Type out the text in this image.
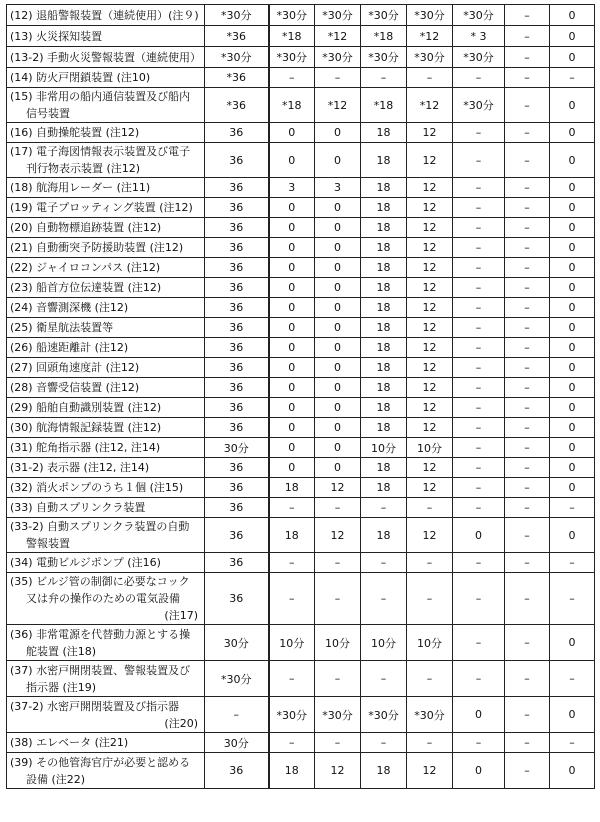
(12) 退船警報装置（連続使用）(注９)	*30分	*30分	*30分	*30分	*30分	*30分	–	0
(13) 火災探知装置	*36	*18	*12	*18	*12	* 3	–	0
(13-2) 手動火災警報装置（連続使用）	*30分	*30分	*30分	*30分	*30分	*30分	–	0
(14) 防火戸閉鎖装置 (注10)	*36	–	–	–	–	–	–	–
(15) 非常用の船内通信装置及び船内
信号装置	*36	*18	*12	*18	*12	*30分	–	0
(16) 自動操舵装置 (注12)	36	0	0	18	12	–	–	0
(17) 電子海図情報表示装置及び電子
刊行物表示装置 (注12)	36	0	0	18	12	–	–	0
(18) 航海用レーダー (注11)	36	3	3	18	12	–	–	0
(19) 電子プロッティング装置 (注12)	36	0	0	18	12	–	–	0
(20) 自動物標追跡装置 (注12)	36	0	0	18	12	–	–	0
(21) 自動衝突予防援助装置 (注12)	36	0	0	18	12	–	–	0
(22) ジャイロコンパス (注12)	36	0	0	18	12	–	–	0
(23) 船首方位伝達装置 (注12)	36	0	0	18	12	–	–	0
(24) 音響測深機 (注12)	36	0	0	18	12	–	–	0
(25) 衛星航法装置等	36	0	0	18	12	–	–	0
(26) 船速距離計 (注12)	36	0	0	18	12	–	–	0
(27) 回頭角速度計 (注12)	36	0	0	18	12	–	–	0
(28) 音響受信装置 (注12)	36	0	0	18	12	–	–	0
(29) 船舶自動識別装置 (注12)	36	0	0	18	12	–	–	0
(30) 航海情報記録装置 (注12)	36	0	0	18	12	–	–	0
(31) 舵角指示器 (注12, 注14)	30分	0	0	10分	10分	–	–	0
(31-2) 表示器 (注12, 注14)	36	0	0	18	12	–	–	0
(32) 消火ポンプのうち１個 (注15)	36	18	12	18	12	–	–	0
(33) 自動スプリンクラ装置	36	–	–	–	–	–	–	–
(33-2) 自動スプリンクラ装置の自動
警報装置	36	18	12	18	12	0	–	0
(34) 電動ビルジポンプ (注16)	36	–	–	–	–	–	–	–
(35) ビルジ管の制御に必要なコック
又は弁の操作のための電気設備
(注17)	36	–	–	–	–	–	–	–
(36) 非常電源を代替動力源とする操
舵装置 (注18)	30分	10分	10分	10分	10分	–	–	0
(37) 水密戸開閉装置、警報装置及び
指示器 (注19)	*30分	–	–	–	–	–	–	–
(37-2) 水密戸開閉装置及び指示器
(注20)	–	*30分	*30分	*30分	*30分	0	–	0
(38) エレベータ (注21)	30分	–	–	–	–	–	–	–
(39) その他管海官庁が必要と認める
設備 (注22)	36	18	12	18	12	0	–	0
